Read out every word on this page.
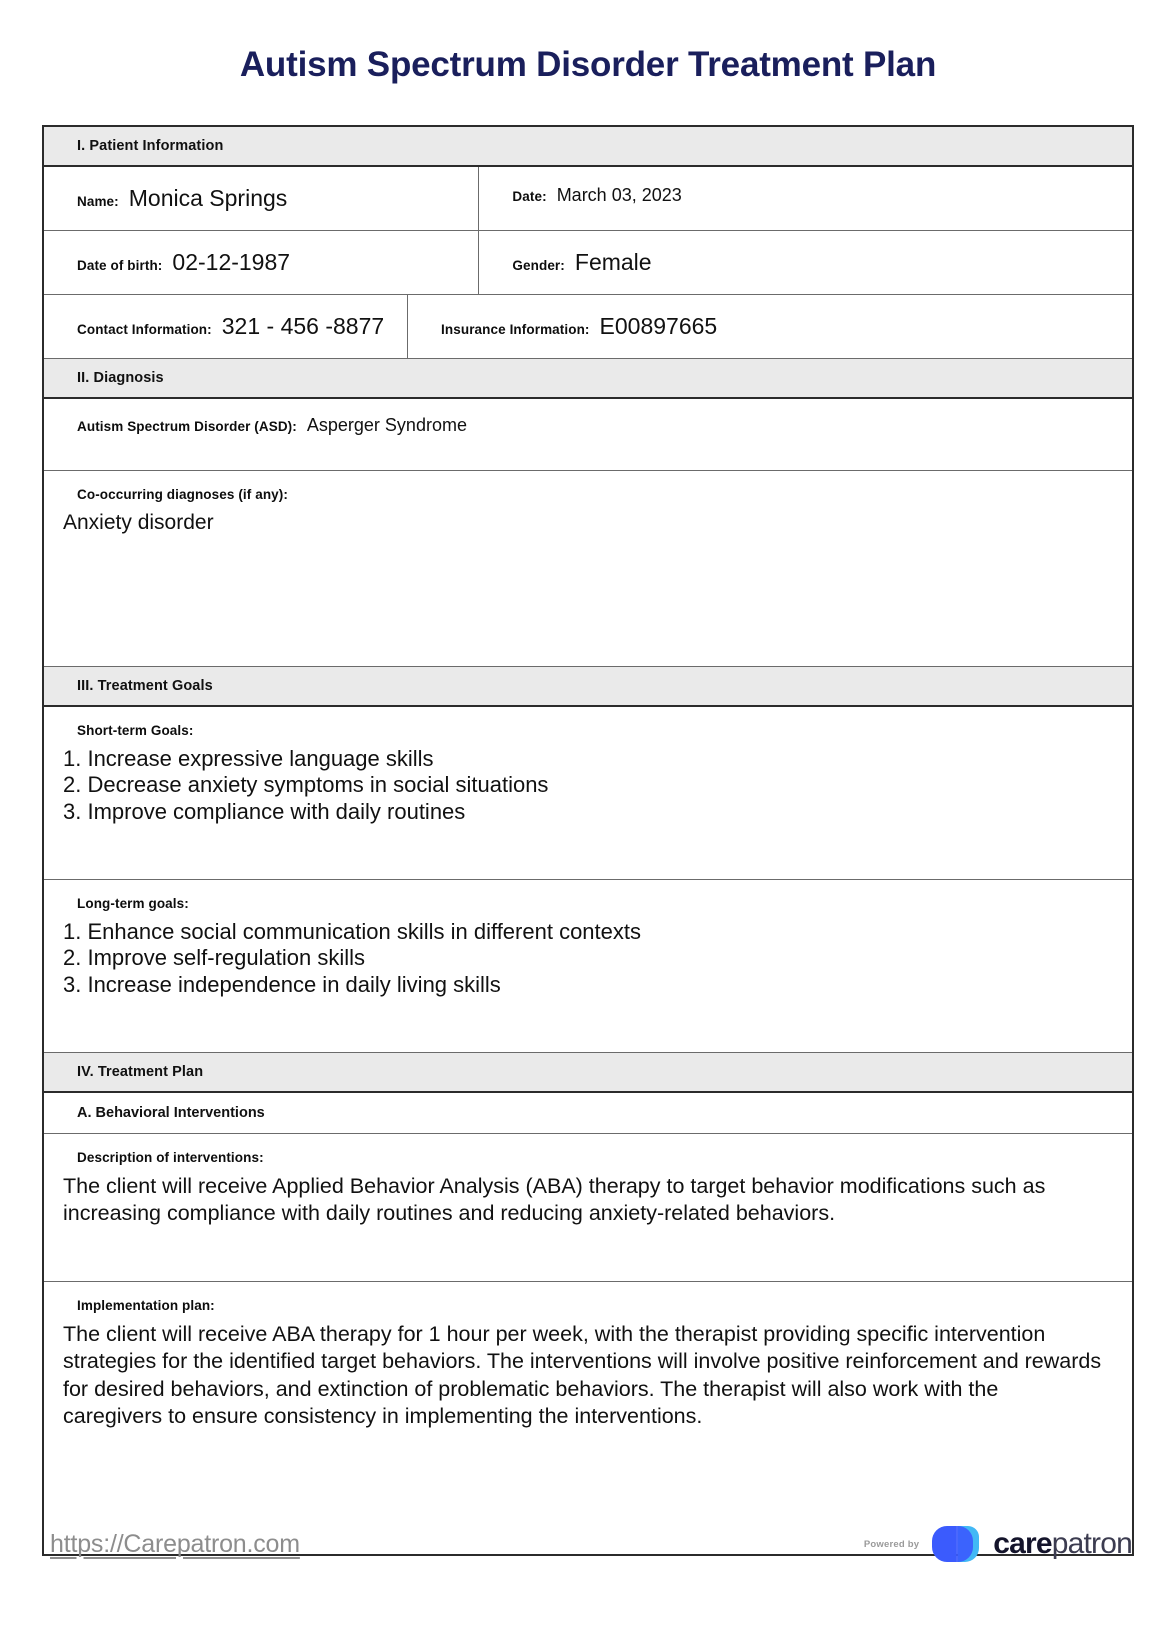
Autism Spectrum Disorder Treatment Plan
I. Patient Information
Name: Monica Springs	Date: March 03, 2023
Date of birth: 02-12-1987	Gender: Female
Contact Information: 321 - 456 -8877	Insurance Information: E00897665
II. Diagnosis
Autism Spectrum Disorder (ASD): Asperger Syndrome
Co-occurring diagnoses (if any):
Anxiety disorder
III. Treatment Goals
Short-term Goals:
1. Increase expressive language skills
2. Decrease anxiety symptoms in social situations
3. Improve compliance with daily routines
Long-term goals:
1. Enhance social communication skills in different contexts
2. Improve self-regulation skills
3. Increase independence in daily living skills
IV. Treatment Plan
A. Behavioral Interventions
Description of interventions:
The client will receive Applied Behavior Analysis (ABA) therapy to target behavior modifications such as increasing compliance with daily routines and reducing anxiety-related behaviors.
Implementation plan:
The client will receive ABA therapy for 1 hour per week, with the therapist providing specific intervention strategies for the identified target behaviors. The interventions will involve positive reinforcement and rewards for desired behaviors, and extinction of problematic behaviors. The therapist will also work with the caregivers to ensure consistency in implementing the interventions.
https://Carepatron.com	Powered by carepatron
